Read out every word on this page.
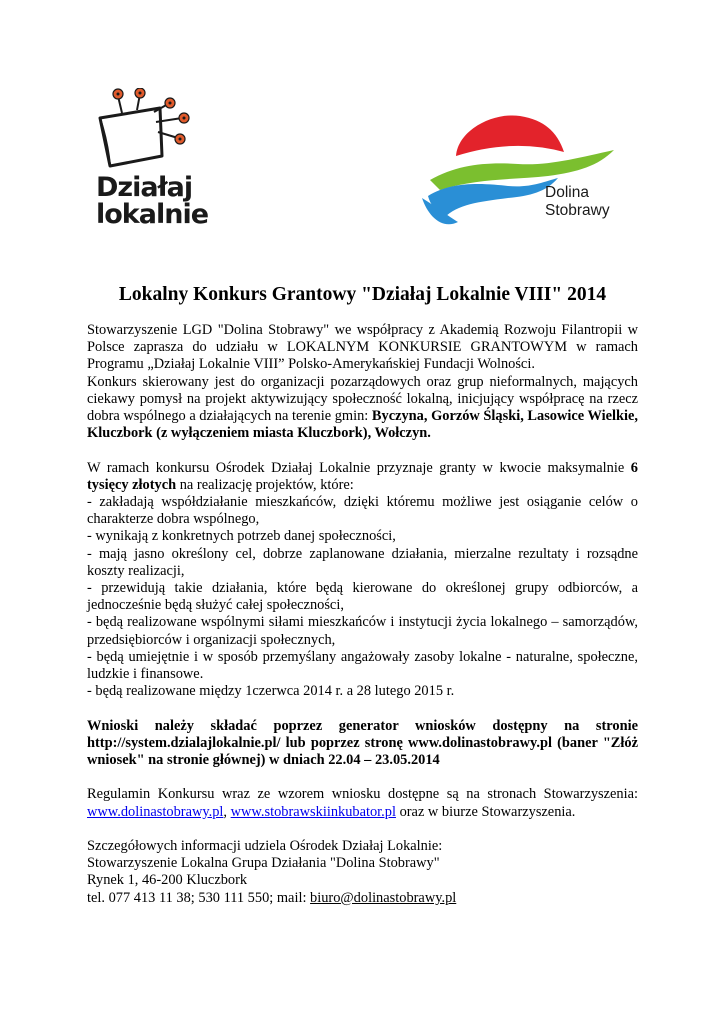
Działaj
lokalnie
Dolina
Stobrawy
Lokalny Konkurs Grantowy "Działaj Lokalnie VIII" 2014

Stowarzyszenie LGD "Dolina Stobrawy" we współpracy z Akademią Rozwoju Filantropii w Polsce zaprasza do udziału w LOKALNYM KONKURSIE GRANTOWYM w ramach Programu „Działaj Lokalnie VIII” Polsko-Amerykańskiej Fundacji Wolności.

Konkurs skierowany jest do organizacji pozarządowych oraz grup nieformalnych, mających ciekawy pomysł na projekt aktywizujący społeczność lokalną, inicjujący współpracę na rzecz dobra wspólnego a działających na terenie gmin: Byczyna, Gorzów Śląski, Lasowice Wielkie, Kluczbork (z wyłączeniem miasta Kluczbork), Wołczyn.

W ramach konkursu Ośrodek Działaj Lokalnie przyznaje granty w kwocie maksymalnie 6 tysięcy złotych na realizację projektów, które:

- zakładają współdziałanie mieszkańców, dzięki któremu możliwe jest osiąganie celów o charakterze dobra wspólnego,

- wynikają z konkretnych potrzeb danej społeczności,

- mają jasno określony cel, dobrze zaplanowane działania, mierzalne rezultaty i rozsądne koszty realizacji,

- przewidują takie działania, które będą kierowane do określonej grupy odbiorców, a jednocześnie będą służyć całej społeczności,

- będą realizowane wspólnymi siłami mieszkańców i instytucji życia lokalnego – samorządów, przedsiębiorców i organizacji społecznych,

- będą umiejętnie i w sposób przemyślany angażowały zasoby lokalne - naturalne, społeczne, ludzkie i finansowe.

- będą realizowane między 1czerwca 2014 r. a 28 lutego 2015 r.

Wnioski należy składać poprzez generator wniosków dostępny na stronie http://system.dzialajlokalnie.pl/ lub poprzez stronę www.dolinastobrawy.pl (baner "Złóż wniosek" na stronie głównej) w dniach 22.04 – 23.05.2014

Regulamin Konkursu wraz ze wzorem wniosku dostępne są na stronach Stowarzyszenia: www.dolinastobrawy.pl, www.stobrawskiinkubator.pl oraz w biurze Stowarzyszenia.

Szczegółowych informacji udziela Ośrodek Działaj Lokalnie:

Stowarzyszenie Lokalna Grupa Działania "Dolina Stobrawy"

Rynek 1, 46-200 Kluczbork

tel. 077 413 11 38; 530 111 550; mail: biuro@dolinastobrawy.pl
